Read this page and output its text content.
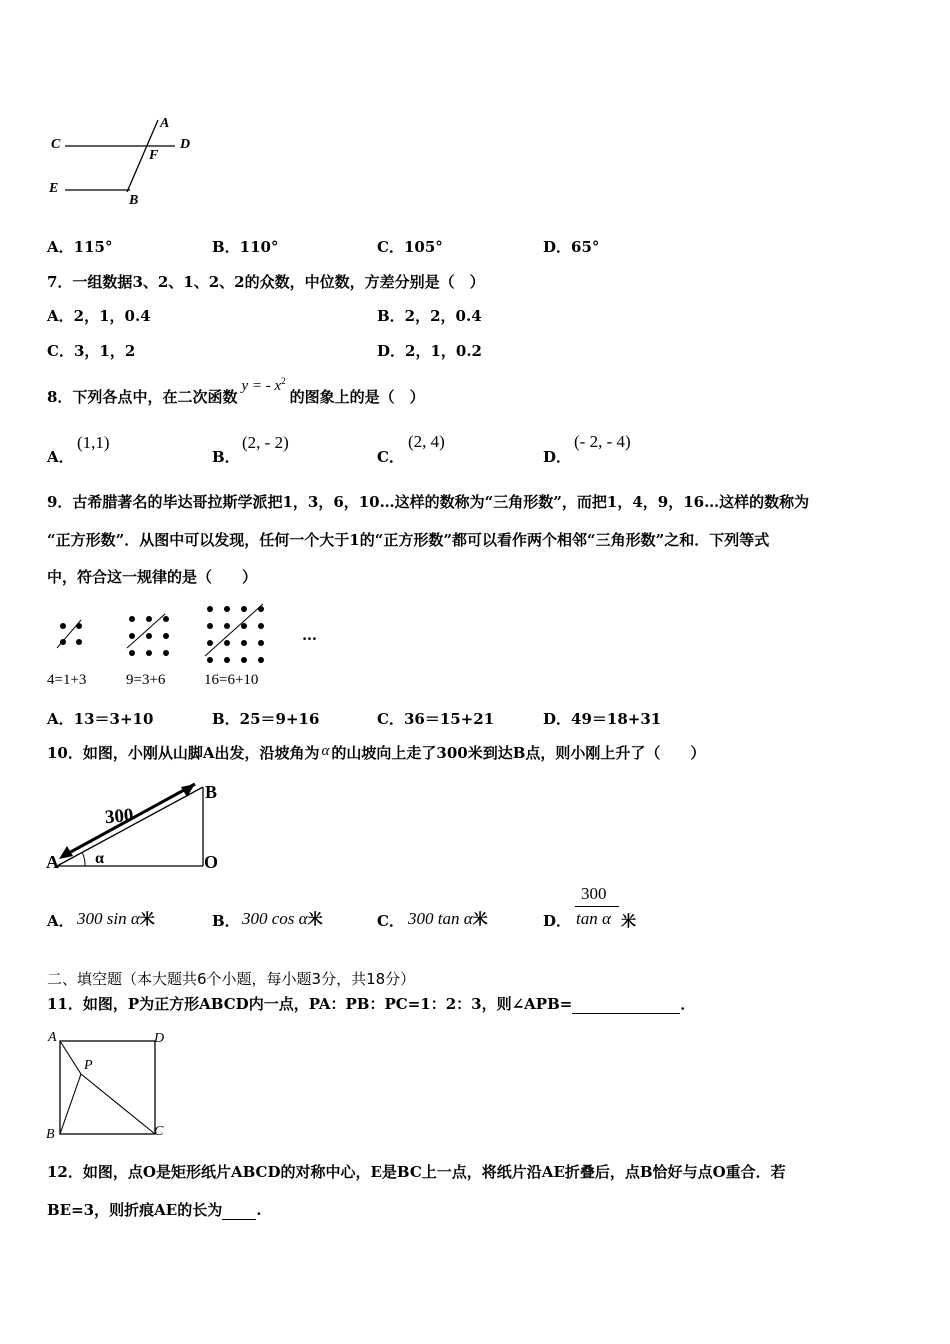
A
C
F
D
E
B
A．115°	B．110°	C．105°	D．65°
7．一组数据3、2、1、2、2的众数，中位数，方差分别是（　）
A．2，1，0.4	B．2，2，0.4
C．3，1，2	D．2，1，0.2
8．下列各点中，在二次函数y = - $x^2$的图象上的是（　）
A．
(1,1)
B．
(2, - 2)
C．
(2, 4)
D．
(- 2, - 4)
9．古希腊著名的毕达哥拉斯学派把1，3，6，10…这样的数称为“三角形数”，而把1，4，9，16…这样的数称为
“正方形数”．从图中可以发现，任何一个大于1的“正方形数”都可以看作两个相邻“三角形数”之和．下列等式
中，符合这一规律的是（　　）
…
4=1+3	9=3+6	16=6+10
A．13＝3+10	B．25＝9+16	C．36＝15+21	D．49＝18+31
10．如图，小刚从山脚A出发，沿坡角为 α 的山坡向上走了300米到达B点，则小刚上升了（　　）
300
A
B
O
α
A． 300 sin α米	B． 300 cos α米	C． 300 tan α米	D．
300
tan α 米
二、填空题（本大题共6个小题，每小题3分，共18分）
11．如图，P为正方形ABCD内一点，PA：PB：PC=1：2：3，则∠APB=	．
A	D
P
B	C
12．如图，点O是矩形纸片ABCD的对称中心，E是BC上一点，将纸片沿AE折叠后，点B恰好与点O重合．若
BE=3，则折痕AE的长为 .
